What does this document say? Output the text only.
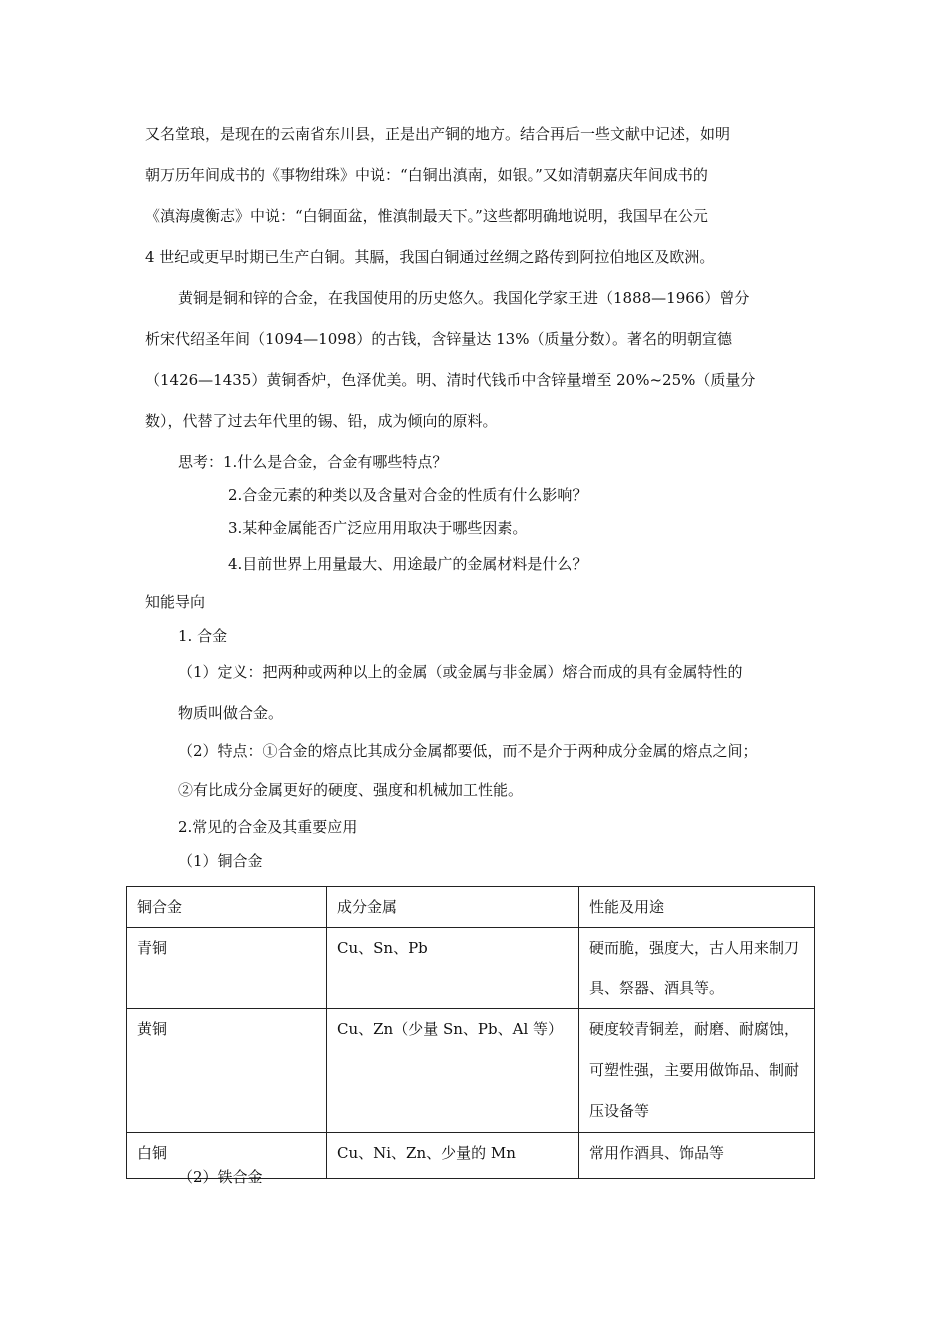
又名堂琅，是现在的云南省东川县，正是出产铜的地方。结合再后一些文献中记述，如明
朝万历年间成书的《事物绀珠》中说：“白铜出滇南，如银。”又如清朝嘉庆年间成书的
《滇海虞衡志》中说：“白铜面盆，惟滇制最天下。”这些都明确地说明，我国早在公元
4 世纪或更早时期已生产白铜。其膈，我国白铜通过丝绸之路传到阿拉伯地区及欧洲。
黄铜是铜和锌的合金，在我国使用的历史悠久。我国化学家王进（1888—1966）曾分
析宋代绍圣年间（1094—1098）的古钱，含锌量达 13%（质量分数）。著名的明朝宣德
（1426—1435）黄铜香炉，色泽优美。明、清时代钱币中含锌量增至 20%~25%（质量分
数），代替了过去年代里的锡、铅，成为倾向的原料。
思考：1.什么是合金，合金有哪些特点？
2.合金元素的种类以及含量对合金的性质有什么影响？
3.某种金属能否广泛应用用取决于哪些因素。
4.目前世界上用量最大、用途最广的金属材料是什么？
知能导向
1. 合金
（1）定义：把两种或两种以上的金属（或金属与非金属）熔合而成的具有金属特性的
物质叫做合金。
（2）特点：①合金的熔点比其成分金属都要低，而不是介于两种成分金属的熔点之间；
②有比成分金属更好的硬度、强度和机械加工性能。
2.常见的合金及其重要应用
（1）铜合金
铜合金	成分金属	性能及用途
青铜	Cu、Sn、Pb	硬而脆，强度大，古人用来制刀具、祭器、酒具等。
黄铜	Cu、Zn（少量 Sn、Pb、Al 等）	硬度较青铜差，耐磨、耐腐蚀，可塑性强，主要用做饰品、制耐压设备等
白铜	Cu、Ni、Zn、少量的 Mn	常用作酒具、饰品等
（2）铁合金
